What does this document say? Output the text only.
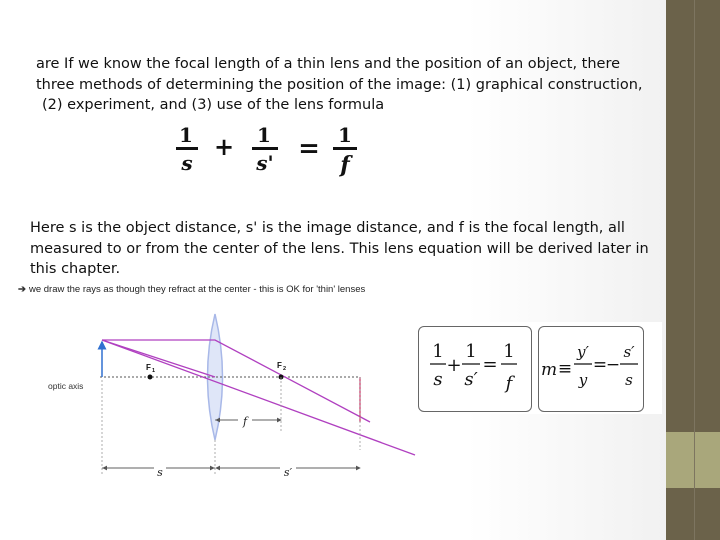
are If we know the focal length of a thin lens and the position of an object, there
three methods of determining the position of the image: (1) graphical construction,
(2) experiment, and (3) use of the lens formula
1
s
+ 1
s' = 1
f
Here s is the object distance, s' is the image distance, and f is the focal length, all
measured to or from the center of the lens. This lens equation will be derived later in
this chapter.
➔ we draw the rays as though they refract at the center - this is OK for 'thin' lenses
optic axis
F 1
F 2
f
s	s′
1
s
+
1
s′
=
1
f
m ≡
y′
y
=
−
s′
s
